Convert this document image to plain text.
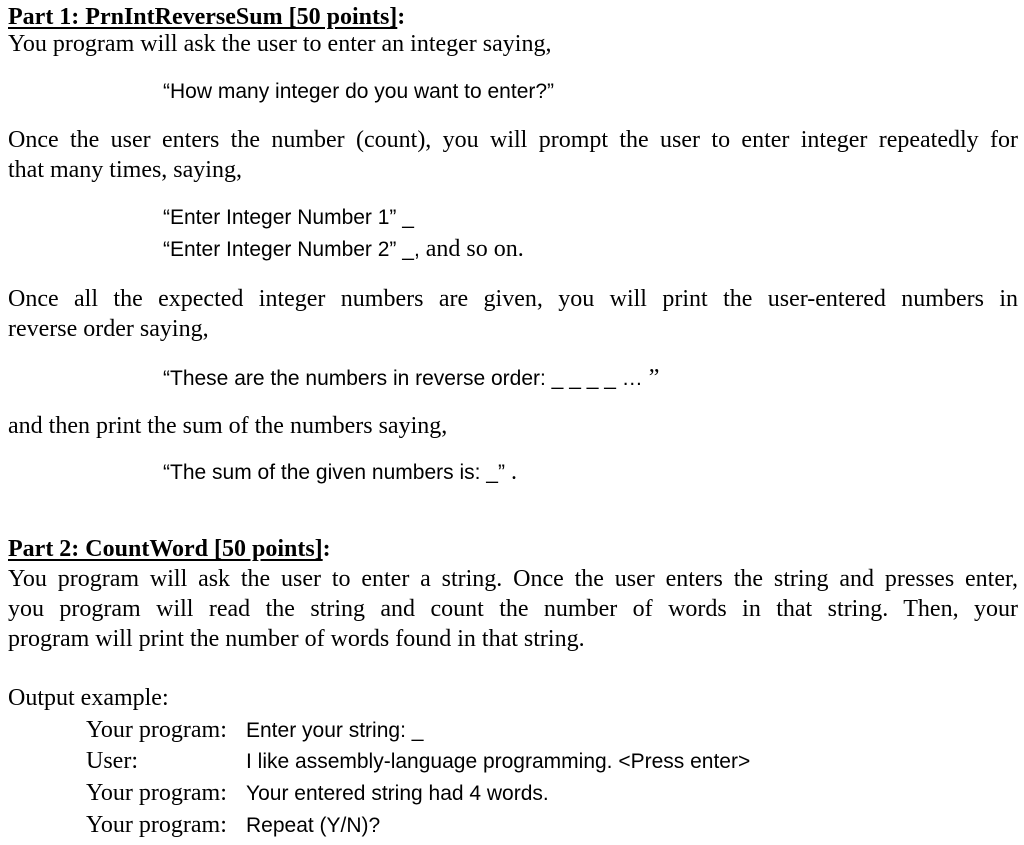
Part 1: PrnIntReverseSum [50 points]:
You program will ask the user to enter an integer saying,
“How many integer do you want to enter?”
Once the user enters the number (count), you will prompt the user to enter integer repeatedly for
that many times, saying,
“Enter Integer Number 1” _
“Enter Integer Number 2” _, and so on.
Once all the expected integer numbers are given, you will print the user-entered numbers in
reverse order saying,
“These are the numbers in reverse order: _ _ _ _ … ”
and then print the sum of the numbers saying,
“The sum of the given numbers is: _” .
Part 2: CountWord [50 points]:
You program will ask the user to enter a string. Once the user enters the string and presses enter,
you program will read the string and count the number of words in that string. Then, your
program will print the number of words found in that string.
Output example:
Your program: Enter your string: _
User:	I like assembly-language programming. <Press enter>
Your program: Your entered string had 4 words.
Your program: Repeat (Y/N)?
